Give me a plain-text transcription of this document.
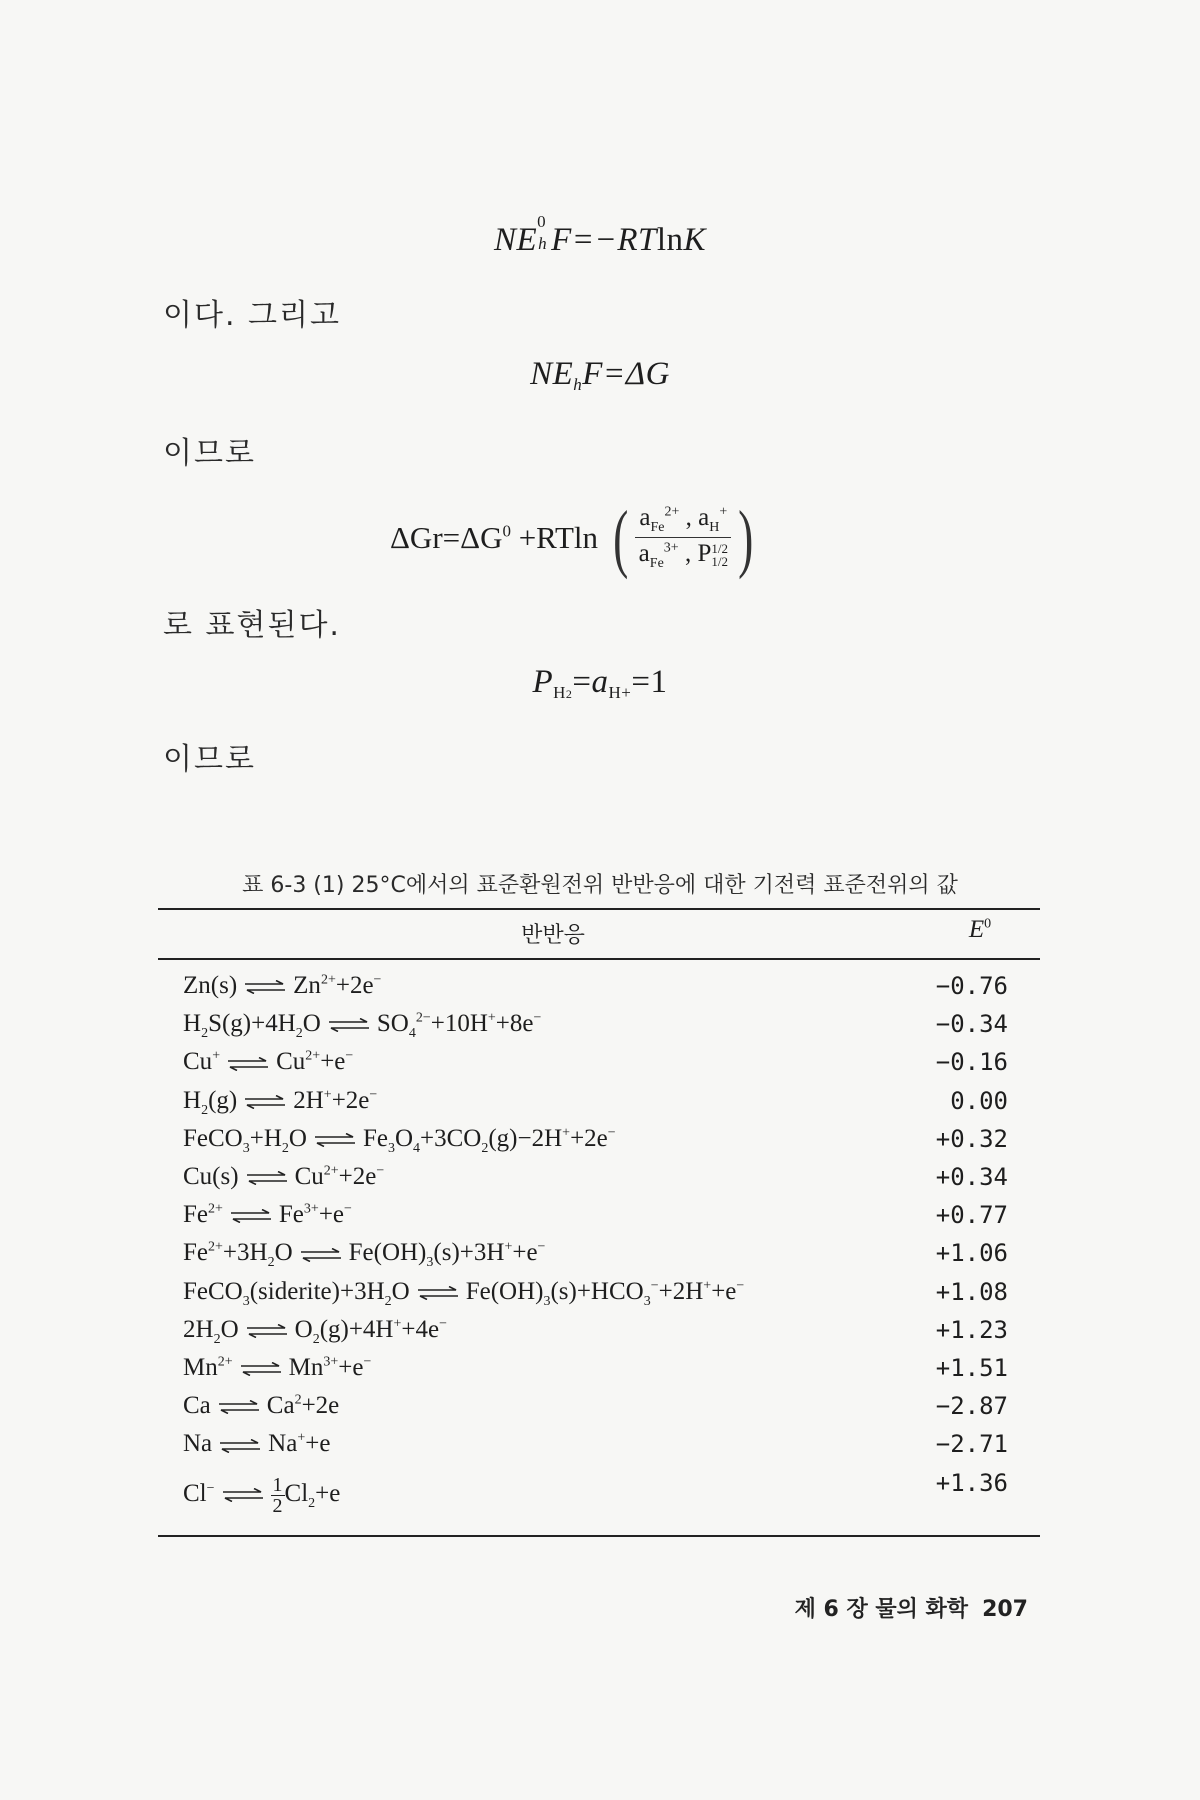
NE
0
h F=−RTlnK
이다. 그리고
NEhF=ΔG
이므로
$\Delta Gr=\Delta G^0 +RTln$ ( $a_{Fe}^{2+}$ , $a_H^+$
$a_{Fe}^{3+}$ , P 1/2
1/2 )
로 표현된다.
PH2=aH+=1
이므로
표 6-3 (1) 25°C에서의 표준환원전위 반반응에 대한 기전력 표준전위의 값
반반응	$E^0$
Zn(s) ⇌ $Zn^{2+}+2e^-$	−0.76
$H_2S(g)+4H_2O$ ⇌ $SO_4^{2-}+10H^++8e^-$	−0.34
Cu+ ⇌ $Cu^{2+}+e^-$	−0.16
$H_2(g)$ ⇌ 2H++2e−	0.00
$FeCO_3+H_2O$ ⇌ $Fe_3O_4+3CO_2(g)-2H^++2e^-$	+0.32
Cu(s) ⇌ $Cu^{2+}+2e^-$	+0.34
$Fe^{2+}$ ⇌ $Fe^{3+}+e^-$	+0.77
$Fe^{2+}+3H_2O$ ⇌ $Fe(OH)_3(s)+3H^++e^-$	+1.06
$FeCO_3(siderite)+3H_2O$ ⇌ $Fe(OH)_3(s)+HCO_3^-+2H^++e^-$	+1.08
$2H_2O$ ⇌ $O_2(g)+4H^++4e^-$	+1.23
$Mn^{2+}$ ⇌ $Mn^{3+}+e^-$	+1.51
Ca ⇌ $Ca^2+2e$	−2.87
Na ⇌ Na++e	−2.71
Cl− ⇌ $\frac{1}{2} Cl_2+e$	+1.36
제 6 장 물의 화학 207
